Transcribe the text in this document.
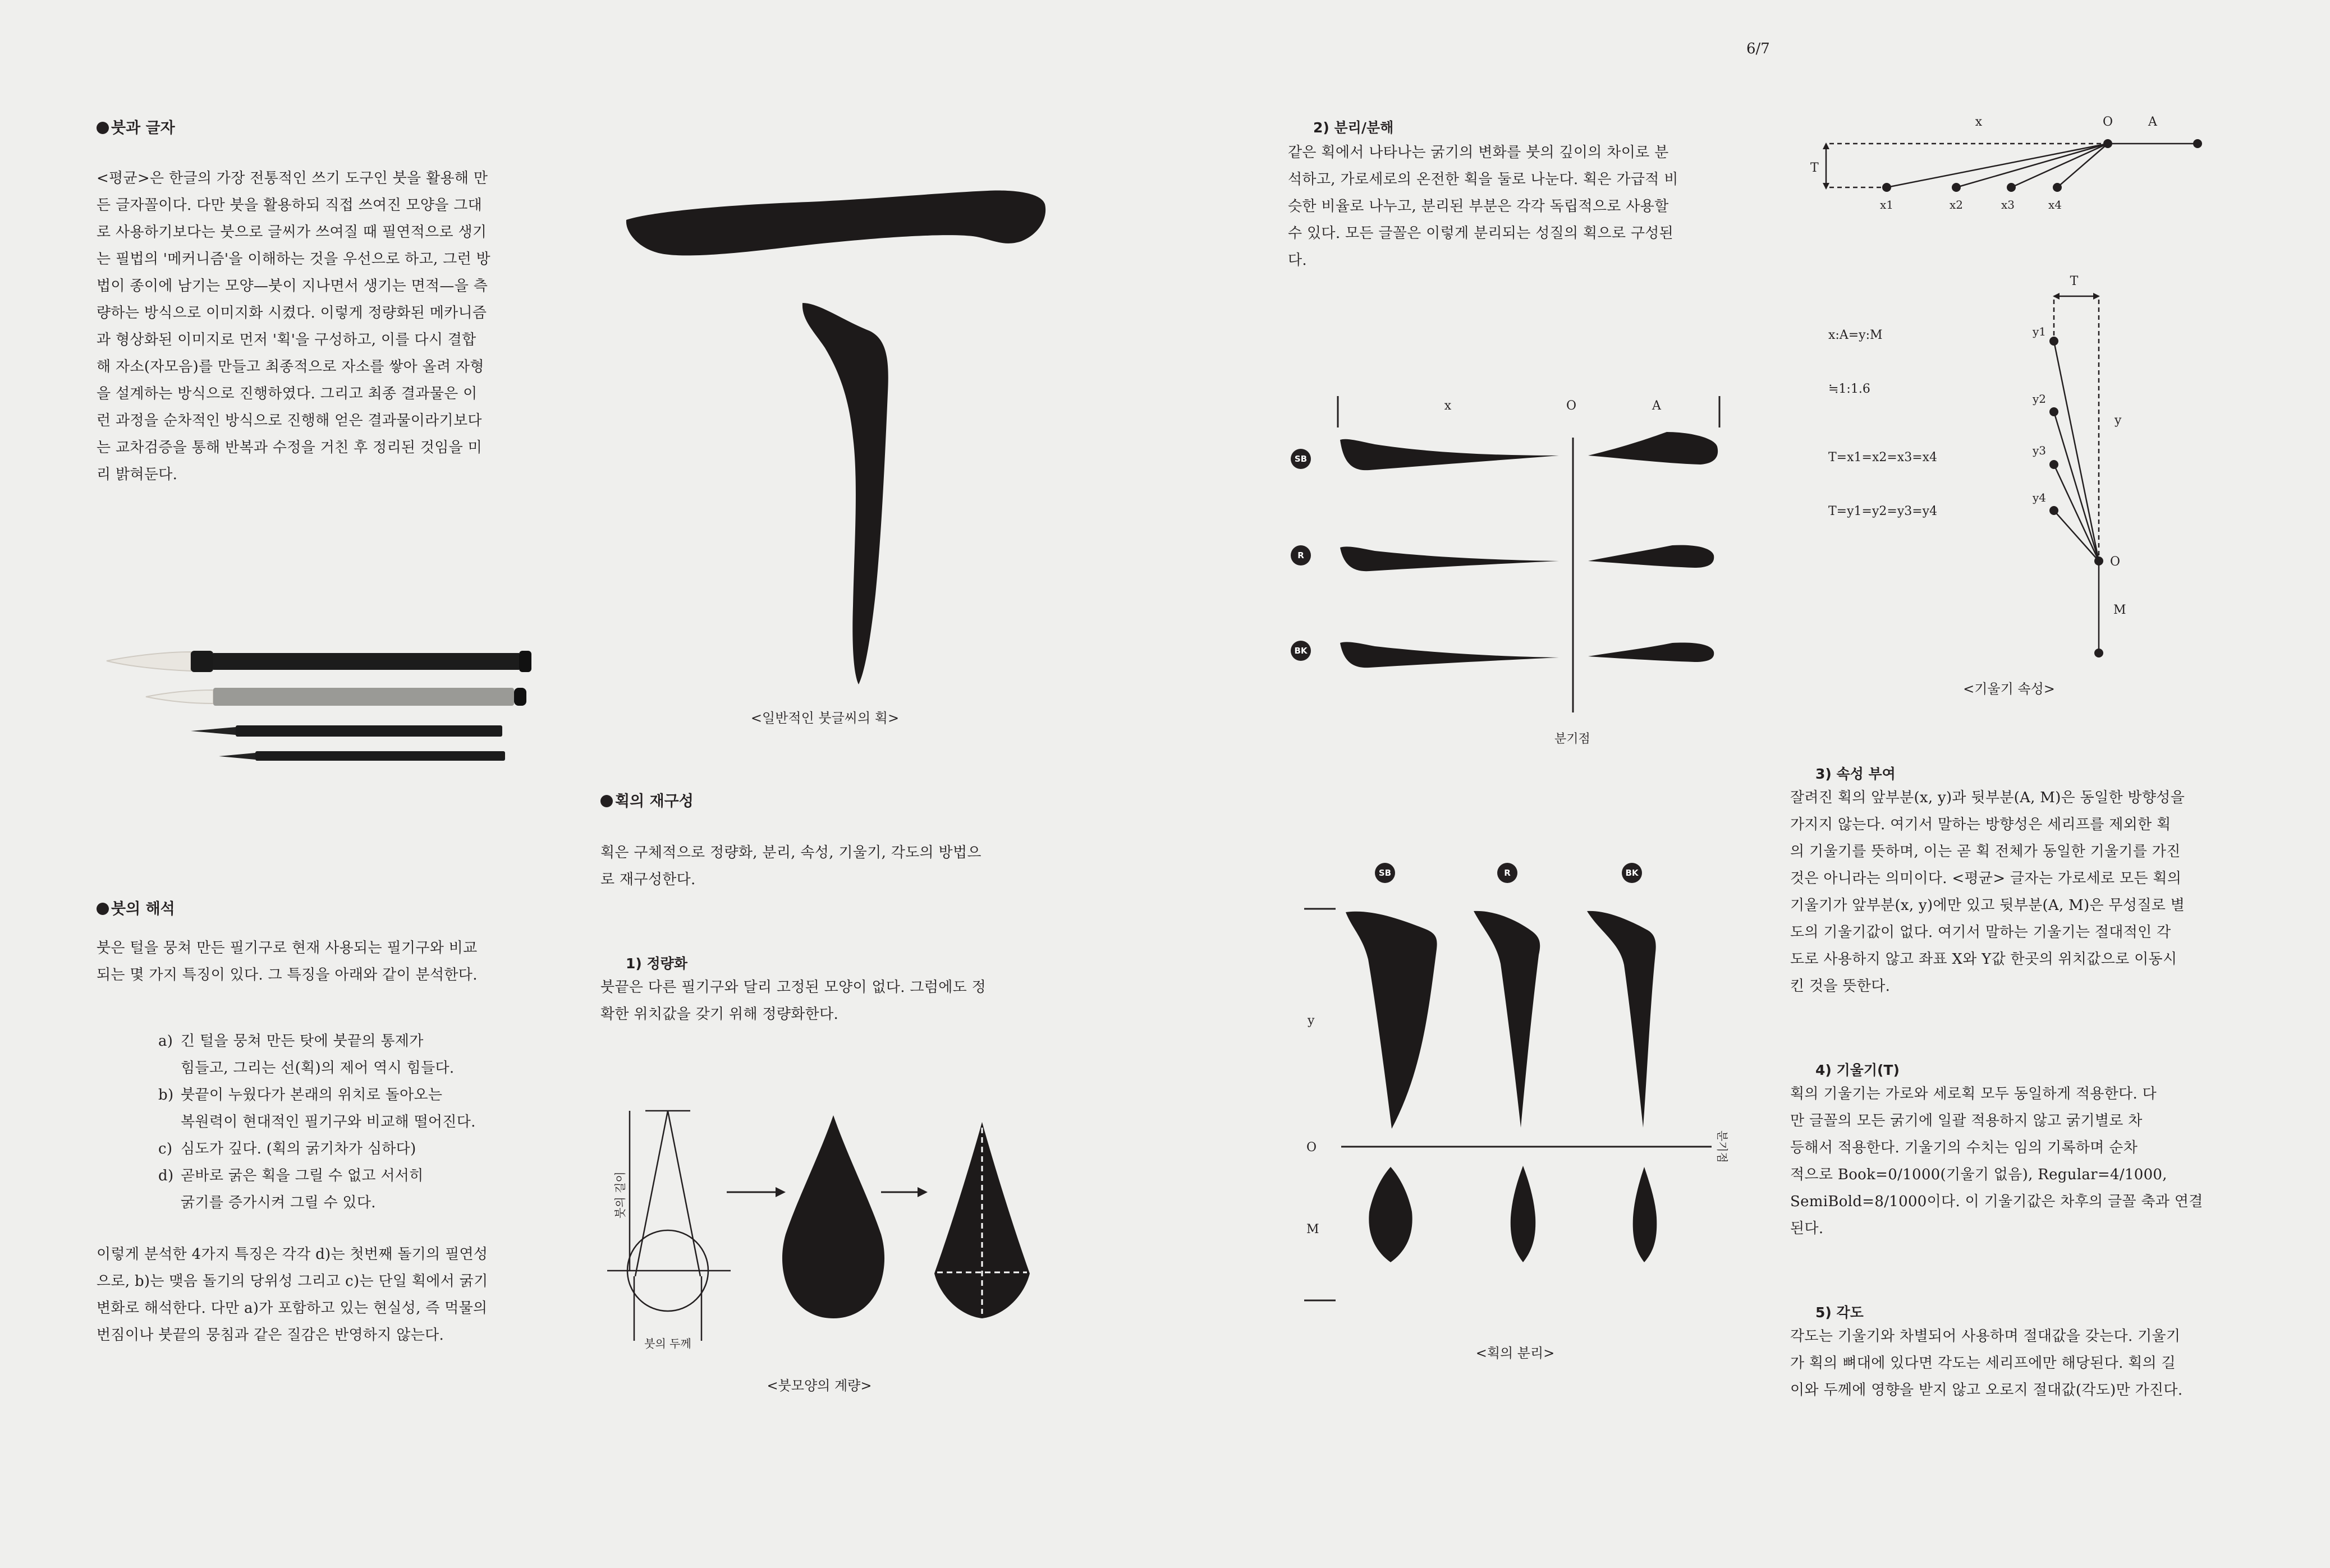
6/7
붓과 글자
<평균>은 한글의 가장 전통적인 쓰기 도구인 붓을 활용해 만
든 글자꼴이다. 다만 붓을 활용하되 직접 쓰여진 모양을 그대
로 사용하기보다는 붓으로 글씨가 쓰여질 때 필연적으로 생기
는 필법의 '메커니즘'을 이해하는 것을 우선으로 하고, 그런 방
법이 종이에 남기는 모양—붓이 지나면서 생기는 면적—을 측
량하는 방식으로 이미지화 시켰다. 이렇게 정량화된 메카니즘
과 형상화된 이미지로 먼저 '획'을 구성하고, 이를 다시 결합
해 자소(자모음)를 만들고 최종적으로 자소를 쌓아 올려 자형
을 설계하는 방식으로 진행하였다. 그리고 최종 결과물은 이
런 과정을 순차적인 방식으로 진행해 얻은 결과물이라기보다
는 교차검증을 통해 반복과 수정을 거친 후 정리된 것임을 미
리 밝혀둔다.
붓의 해석
붓은 털을 뭉쳐 만든 필기구로 현재 사용되는 필기구와 비교
되는 몇 가지 특징이 있다. 그 특징을 아래와 같이 분석한다.
a) 긴 털을 뭉쳐 만든 탓에 붓끝의 통제가
힘들고, 그리는 선(획)의 제어 역시 힘들다.
b) 붓끝이 누웠다가 본래의 위치로 돌아오는
복원력이 현대적인 필기구와 비교해 떨어진다.
c) 심도가 깊다. (획의 굵기차가 심하다)
d) 곧바로 굵은 획을 그릴 수 없고 서서히
굵기를 증가시켜 그릴 수 있다.
이렇게 분석한 4가지 특징은 각각 d)는 첫번째 돌기의 필연성
으로, b)는 맺음 돌기의 당위성 그리고 c)는 단일 획에서 굵기
변화로 해석한다. 다만 a)가 포함하고 있는 현실성, 즉 먹물의
번짐이나 붓끝의 뭉침과 같은 질감은 반영하지 않는다.
<일반적인 붓글씨의 획>
획의 재구성
획은 구체적으로 정량화, 분리, 속성, 기울기, 각도의 방법으
로 재구성한다.
1) 정량화
붓끝은 다른 필기구와 달리 고정된 모양이 없다. 그럼에도 정
확한 위치값을 갖기 위해 정량화한다.
붓의 길이
붓의 두께
<붓모양의 계량>
2) 분리/분해
같은 획에서 나타나는 굵기의 변화를 붓의 깊이의 차이로 분
석하고, 가로세로의 온전한 획을 둘로 나눈다. 획은 가급적 비
슷한 비율로 나누고, 분리된 부분은 각각 독립적으로 사용할
수 있다. 모든 글꼴은 이렇게 분리되는 성질의 획으로 구성된
다.
x	O	A
SB
R
BK
분기점
y
O
M
분기점
SB	R	BK
<획의 분리>
x	O	A
T
x1	x2	x3	x4

x:A=y:M

≒1:1.6

T=x1=x2=x3=x4

T=y1=y2=y3=y4

T
y
O
M
y1
y2
y3
y4
<기울기 속성>
3) 속성 부여
잘려진 획의 앞부분(x, y)과 뒷부분(A, M)은 동일한 방향성을
가지지 않는다. 여기서 말하는 방향성은 세리프를 제외한 획
의 기울기를 뜻하며, 이는 곧 획 전체가 동일한 기울기를 가진
것은 아니라는 의미이다. <평균> 글자는 가로세로 모든 획의
기울기가 앞부분(x, y)에만 있고 뒷부분(A, M)은 무성질로 별
도의 기울기값이 없다. 여기서 말하는 기울기는 절대적인 각
도로 사용하지 않고 좌표 X와 Y값 한곳의 위치값으로 이동시
킨 것을 뜻한다.
4) 기울기(T)
획의 기울기는 가로와 세로획 모두 동일하게 적용한다. 다
만 글꼴의 모든 굵기에 일괄 적용하지 않고 굵기별로 차
등해서 적용한다. 기울기의 수치는 임의 기록하며 순차
적으로 Book=0/1000(기울기 없음), Regular=4/1000,
SemiBold=8/1000이다. 이 기울기값은 차후의 글꼴 축과 연결
된다.
5) 각도
각도는 기울기와 차별되어 사용하며 절대값을 갖는다. 기울기
가 획의 뼈대에 있다면 각도는 세리프에만 해당된다. 획의 길
이와 두께에 영향을 받지 않고 오로지 절대값(각도)만 가진다.
